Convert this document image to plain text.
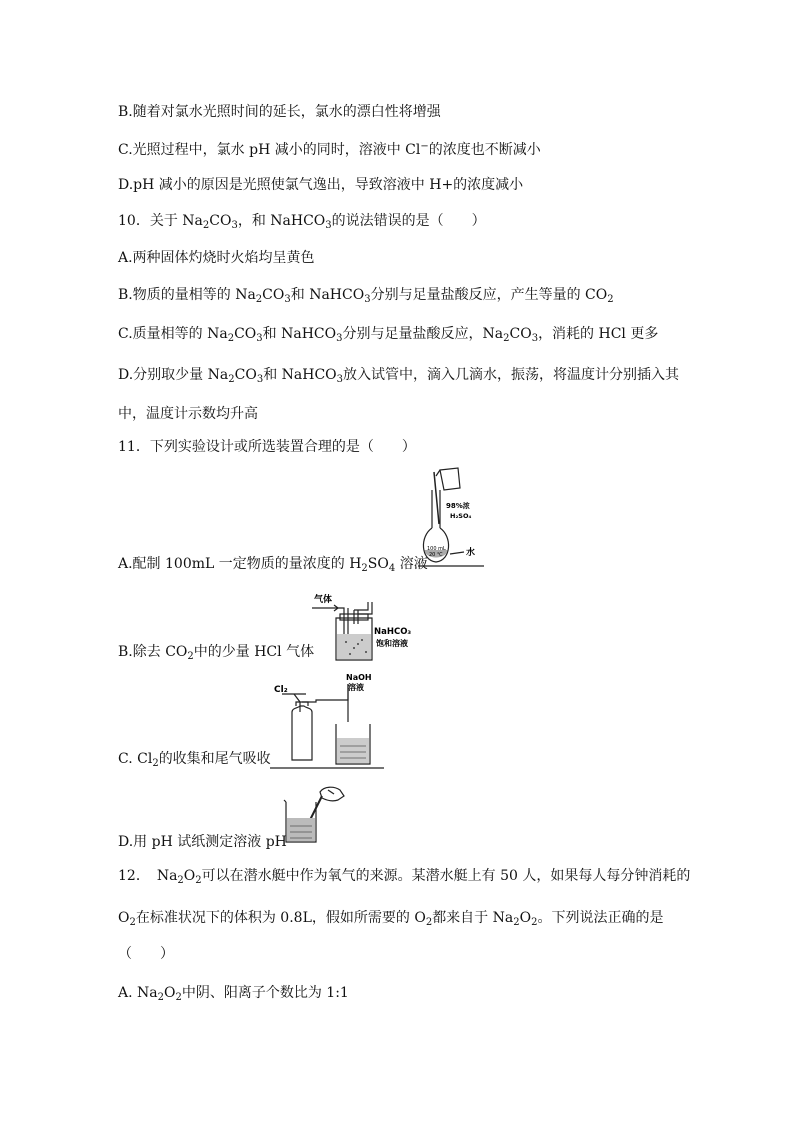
B.随着对氯水光照时间的延长，氯水的漂白性将增强
C.光照过程中，氯水 pH 减小的同时，溶液中 Cl−的浓度也不断减小
D.pH 减小的原因是光照使氯气逸出，导致溶液中 H+的浓度减小
10．关于 $Na_2CO_3$，和 NaHCO$_3$的说法错误的是（　　）
A.两种固体灼烧时火焰均呈黄色
B.物质的量相等的 $Na_2CO_3$和 NaHCO$_3$分别与足量盐酸反应，产生等量的 $CO_2$
C.质量相等的 $Na_2CO_3$和 NaHCO$_3$分别与足量盐酸反应，$Na_2CO_3$，消耗的 HCl 更多
D.分别取少量 $Na_2CO_3$和 NaHCO$_3$放入试管中，滴入几滴水，振荡，将温度计分别插入其
中，温度计示数均升高
11．下列实验设计或所选装置合理的是（　　）
A.配制 100mL 一定物质的量浓度的 $H_2SO_4$ 溶液
98%浓
H₂SO₄
100 mL
20 ℃	水
B.除去 $CO_2$中的少量 HCl 气体
气体
NaHCO₃
饱和溶液
C. $Cl_2$的收集和尾气吸收
Cl₂
NaOH
溶液
D.用 pH 试纸测定溶液 pH
12．　$Na_2O_2$可以在潜水艇中作为氧气的来源。某潜水艇上有 50 人，如果每人每分钟消耗的
$O_2$在标准状况下的体积为 0.8L，假如所需要的 $O_2$都来自于 $Na_2O_2$。下列说法正确的是
（　　）
A. $Na_2O_2$中阴、阳离子个数比为 1:1
